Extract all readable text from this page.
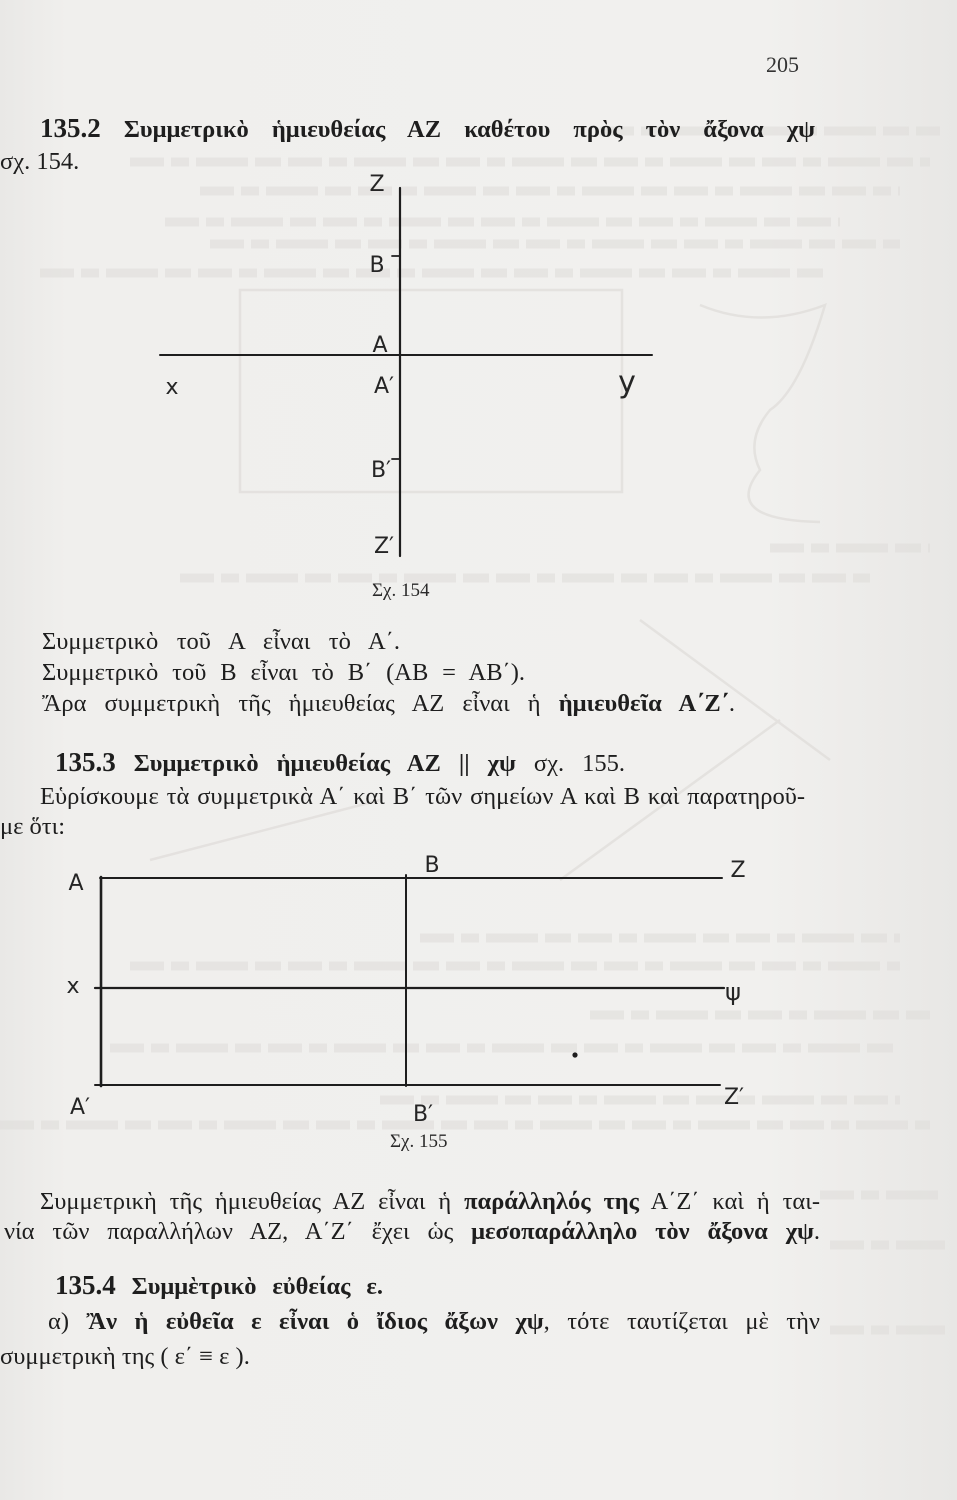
205
135.2 Συμμετρικὸ ἡμιευθείας ΑΖ καθέτου πρὸς τὸν ἄξονα χψ
σχ. 154.
Z
B
A
A′
x	y
B′
Z′
Σχ. 154
Συμμετρικὸ τοῦ Α εἶναι τὸ Α΄.
Συμμετρικὸ τοῦ Β εἶναι τὸ Β΄ (ΑΒ = ΑΒ΄).
Ἄρα συμμετρικὴ τῆς ἡμιευθείας ΑΖ εἶναι ἡ ἡμιευθεῖα Α΄Ζ΄.
135.3 Συμμετρικὸ ἡμιευθείας ΑΖ || χψ σχ. 155.
Εὑρίσκουμε τὰ συμμετρικὰ Α΄ καὶ Β΄ τῶν σημείων Α καὶ Β καὶ παρατηροῦ-
με ὅτι:
A
B	Z
x	ψ
A′	B′
Z′
Σχ. 155
Συμμετρικὴ τῆς ἡμιευθείας ΑΖ εἶναι ἡ παράλληλός της Α΄Ζ΄ καὶ ἡ ται-
νία τῶν παραλλήλων ΑΖ, Α΄Ζ΄ ἔχει ὡς μεσοπαράλληλο τὸν ἄξονα χψ.
135.4 Συμμὲτρικὸ εὐθείας ε.
α) Ἂν ἡ εὐθεῖα ε εἶναι ὁ ἴδιος ἄξων χψ, τότε ταυτίζεται μὲ τὴν
συμμετρικὴ της ( ε΄ ≡ ε ).
